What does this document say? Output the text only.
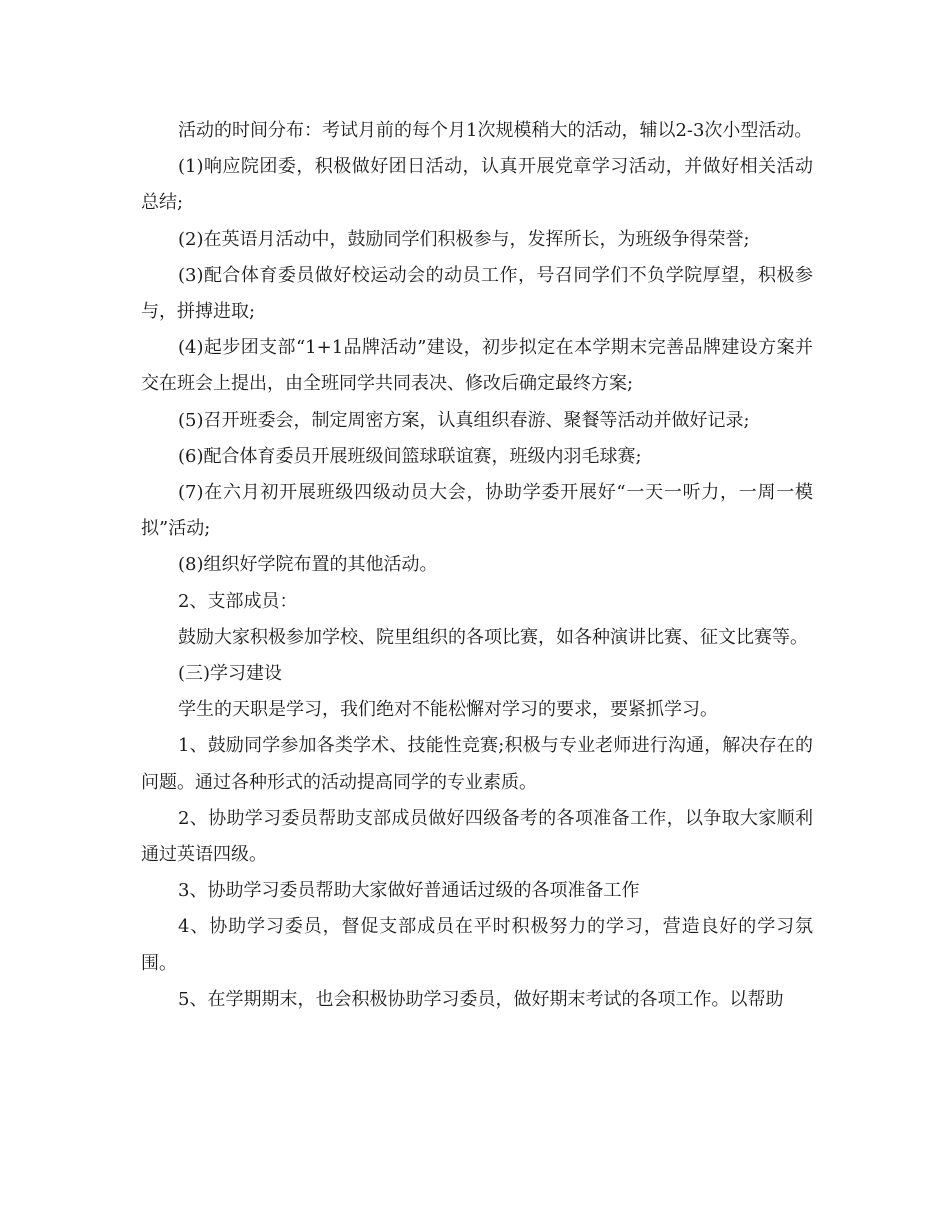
活动的时间分布：考试月前的每个月1次规模稍大的活动，辅以2-3次小型活动。

(1)响应院团委，积极做好团日活动，认真开展党章学习活动，并做好相关活动总结;

(2)在英语月活动中，鼓励同学们积极参与，发挥所长，为班级争得荣誉;

(3)配合体育委员做好校运动会的动员工作，号召同学们不负学院厚望，积极参与，拼搏进取;

(4)起步团支部“1+1品牌活动”建设，初步拟定在本学期末完善品牌建设方案并交在班会上提出，由全班同学共同表决、修改后确定最终方案;

(5)召开班委会，制定周密方案，认真组织春游、聚餐等活动并做好记录;

(6)配合体育委员开展班级间篮球联谊赛，班级内羽毛球赛;

(7)在六月初开展班级四级动员大会，协助学委开展好“一天一听力，一周一模拟”活动;

(8)组织好学院布置的其他活动。

2、支部成员：

鼓励大家积极参加学校、院里组织的各项比赛，如各种演讲比赛、征文比赛等。

(三)学习建设

学生的天职是学习，我们绝对不能松懈对学习的要求，要紧抓学习。

1、鼓励同学参加各类学术、技能性竞赛;积极与专业老师进行沟通，解决存在的问题。通过各种形式的活动提高同学的专业素质。

2、协助学习委员帮助支部成员做好四级备考的各项准备工作，以争取大家顺利通过英语四级。

3、协助学习委员帮助大家做好普通话过级的各项准备工作

4、协助学习委员，督促支部成员在平时积极努力的学习，营造良好的学习氛围。

5、在学期期末，也会积极协助学习委员，做好期末考试的各项工作。以帮助
